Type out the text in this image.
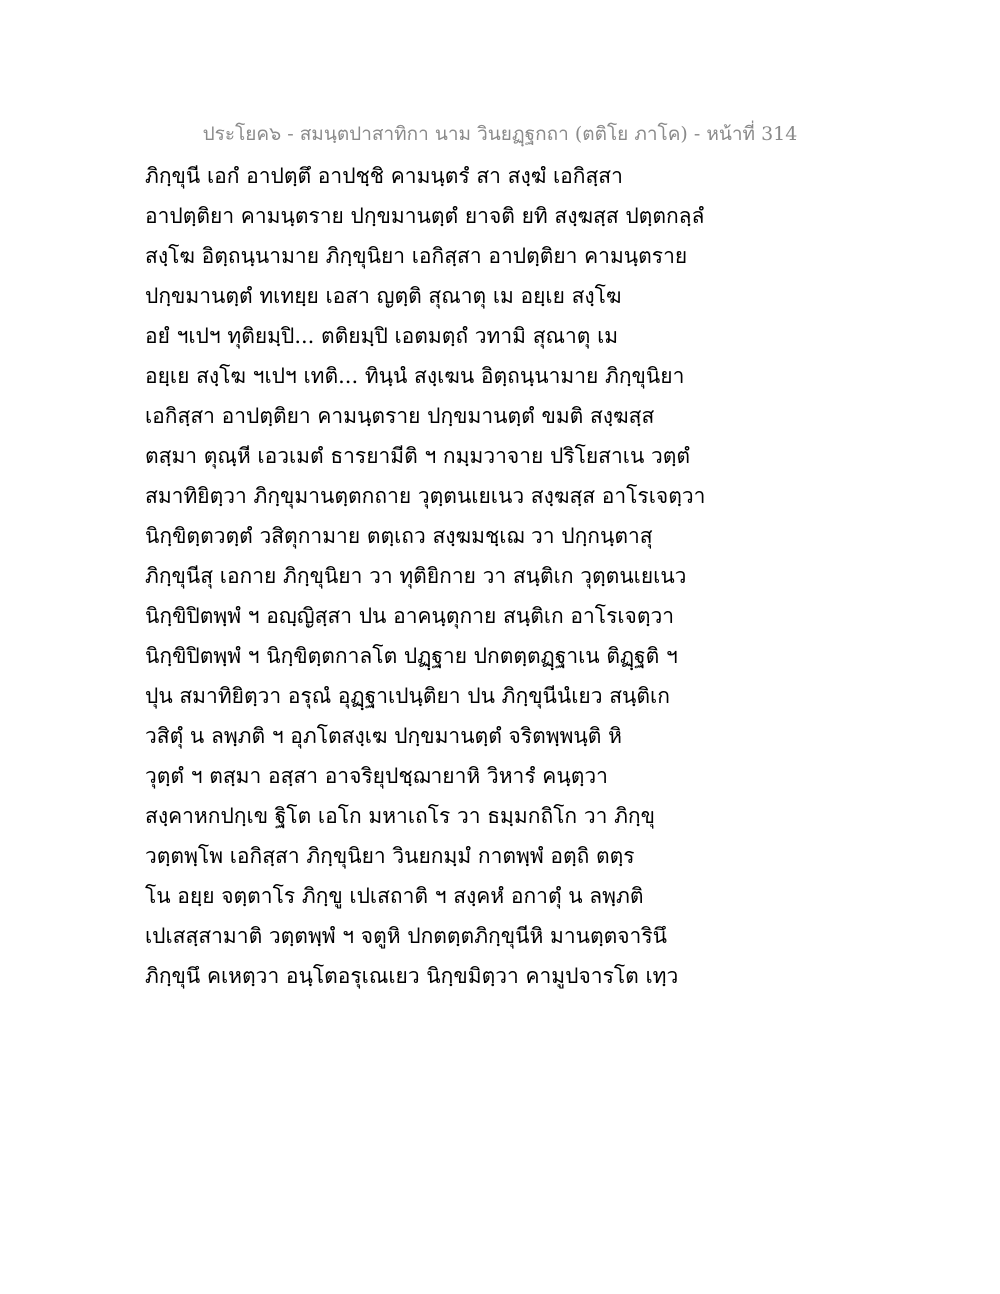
ประโยค๖ - สมนฺตปาสาทิกา นาม วินยฏฺฐกถา (ตติโย ภาโค) - หน้าที่ 314
ภิกฺขุนี เอกํ อาปตฺตึ อาปชฺชิ คามนฺตรํ สา สงฺฆํ เอกิสฺสา
อาปตฺติยา คามนฺตราย ปกฺขมานตฺตํ ยาจติ ยทิ สงฺฆสฺส ปตฺตกลฺลํ
สงฺโฆ อิตฺถนฺนามาย ภิกฺขุนิยา เอกิสฺสา อาปตฺติยา คามนฺตราย
ปกฺขมานตฺตํ ทเทยฺย เอสา ญตฺติ สุณาตุ เม อยฺเย สงฺโฆ
อยํ ฯเปฯ ทุติยมฺปิ... ตติยมฺปิ เอตมตฺถํ วทามิ สุณาตุ เม
อยฺเย สงฺโฆ ฯเปฯ เทติ... ทินฺนํ สงฺเฆน อิตฺถนฺนามาย ภิกฺขุนิยา
เอกิสฺสา อาปตฺติยา คามนฺตราย ปกฺขมานตฺตํ ขมติ สงฺฆสฺส
ตสฺมา ตุณฺหี เอวเมตํ ธารยามีติ ฯ กมฺมวาจาย ปริโยสาเน วตฺตํ
สมาทิยิตฺวา ภิกฺขุมานตฺตกถาย วุตฺตนเยเนว สงฺฆสฺส อาโรเจตฺวา
นิกฺขิตฺตวตฺตํ วสิตุกามาย ตตฺเถว สงฺฆมชฺเฌ วา ปกฺกนฺตาสุ
ภิกฺขุนีสุ เอกาย ภิกฺขุนิยา วา ทุติยิกาย วา สนฺติเก วุตฺตนเยเนว
นิกฺขิปิตพฺพํ ฯ อญฺญิสฺสา ปน อาคนฺตุกาย สนฺติเก อาโรเจตฺวา
นิกฺขิปิตพฺพํ ฯ นิกฺขิตฺตกาลโต ปฏฺฐาย ปกตตฺตฏฺฐาเน ติฏฺฐติ ฯ
ปุน สมาทิยิตฺวา อรุณํ อุฏฺฐาเปนฺติยา ปน ภิกฺขุนีนํเยว สนฺติเก
วสิตุํ น ลพฺภติ ฯ อุภโตสงฺเฆ ปกฺขมานตฺตํ จริตพฺพนฺติ หิ
วุตฺตํ ฯ ตสฺมา อสฺสา อาจริยุปชฺฌายาหิ วิหารํ คนฺตฺวา
สงฺคาหกปกฺเข ฐิโต เอโก มหาเถโร วา ธมฺมกถิโก วา ภิกฺขุ
วตฺตพฺโพ เอกิสฺสา ภิกฺขุนิยา วินยกมฺมํ กาตพฺพํ อตฺถิ ตตฺร
โน อยฺย จตฺตาโร ภิกฺขู เปเสถาติ ฯ สงฺคหํ อกาตุํ น ลพฺภติ
เปเสสฺสามาติ วตฺตพฺพํ ฯ จตูหิ ปกตตฺตภิกฺขุนีหิ มานตฺตจารินึ
ภิกฺขุนึ คเหตฺวา อนฺโตอรุเณเยว นิกฺขมิตฺวา คามูปจารโต เทฺว
